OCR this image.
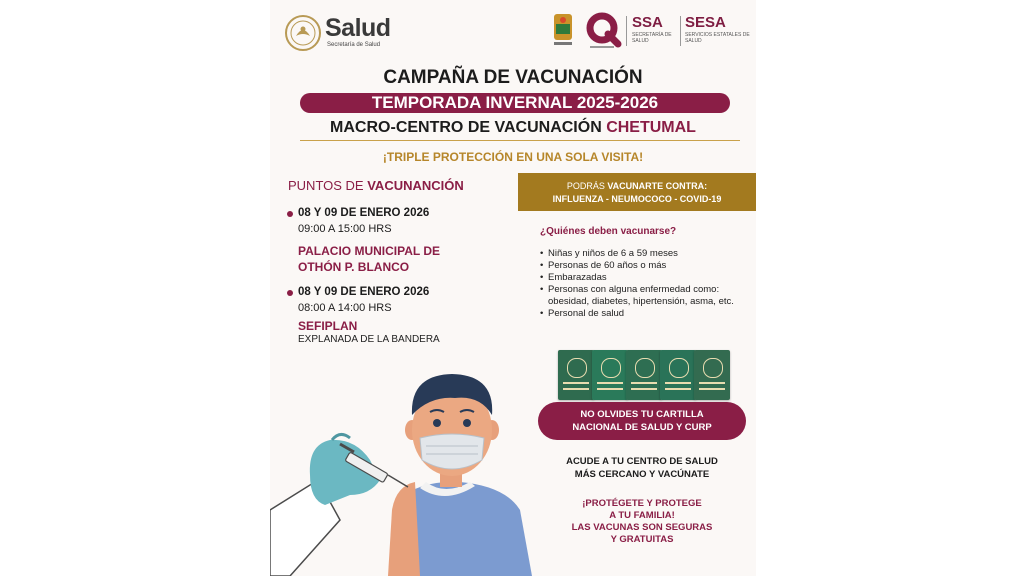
Salud
Secretaría de Salud
SSA
SECRETARÍA DE SALUD
SESA
SERVICIOS ESTATALES DE SALUD
CAMPAÑA DE VACUNACIÓN
TEMPORADA INVERNAL 2025-2026
MACRO-CENTRO DE VACUNACIÓN CHETUMAL
¡TRIPLE PROTECCIÓN EN UNA SOLA VISITA!
PUNTOS DE VACUNANCIÓN
08 Y 09 DE ENERO 2026
09:00 A 15:00 HRS
PALACIO MUNICIPAL DE
OTHÓN P. BLANCO
08 Y 09 DE ENERO 2026
08:00 A 14:00 HRS
SEFIPLAN
EXPLANADA DE LA BANDERA
PODRÁS VACUNARTE CONTRA:
INFLUENZA - NEUMOCOCO - COVID-19
¿Quiénes deben vacunarse?
• Niñas y niños de 6 a 59 meses
• Personas de 60 años o más
• Embarazadas
• Personas con alguna enfermedad como: obesidad, diabetes, hipertensión, asma, etc.
• Personal de salud
NO OLVIDES TU CARTILLA
NACIONAL DE SALUD Y CURP
ACUDE A TU CENTRO DE SALUD
MÁS CERCANO Y VACÚNATE
¡PROTÉGETE Y PROTEGE
A TU FAMILIA!
LAS VACUNAS SON SEGURAS
Y GRATUITAS
